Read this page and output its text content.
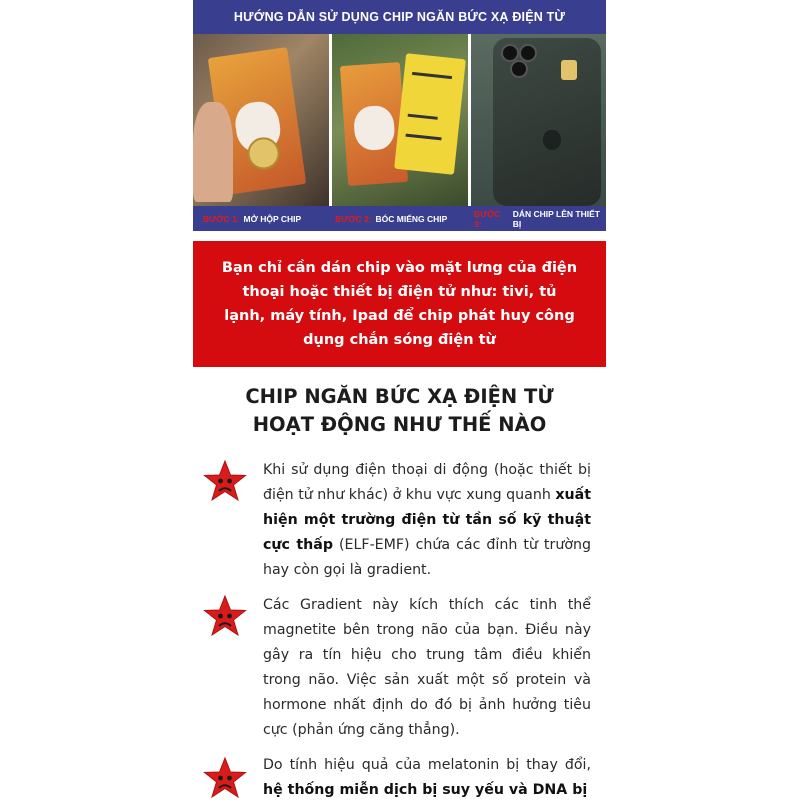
HƯỚNG DẪN SỬ DỤNG CHIP NGĂN BỨC XẠ ĐIỆN TỪ
BƯỚC 1: MỞ HỘP CHIP	BƯỚC 2: BÓC MIẾNG CHIP	BƯỚC 3:
DÁN CHIP LÊN THIẾT BỊ
Bạn chỉ cần dán chip vào mặt lưng của điện thoại hoặc thiết bị điện tử như: tivi, tủ lạnh, máy tính, Ipad để chip phát huy công dụng chắn sóng điện từ
CHIP NGĂN BỨC XẠ ĐIỆN TỪ
HOẠT ĐỘNG NHƯ THẾ NÀO
Khi sử dụng điện thoại di động (hoặc thiết bị điện tử như khác) ở khu vực xung quanh xuất hiện một trường điện từ tần số kỹ thuật cực thấp (ELF-EMF) chứa các đỉnh từ trường hay còn gọi là gradient.
Các Gradient này kích thích các tinh thể magnetite bên trong não của bạn. Điều này gây ra tín hiệu cho trung tâm điều khiển trong não. Việc sản xuất một số protein và hormone nhất định do đó bị ảnh hưởng tiêu cực (phản ứng căng thẳng).
Do tính hiệu quả của melatonin bị thay đổi, hệ thống miễn dịch bị suy yếu và DNA bị
